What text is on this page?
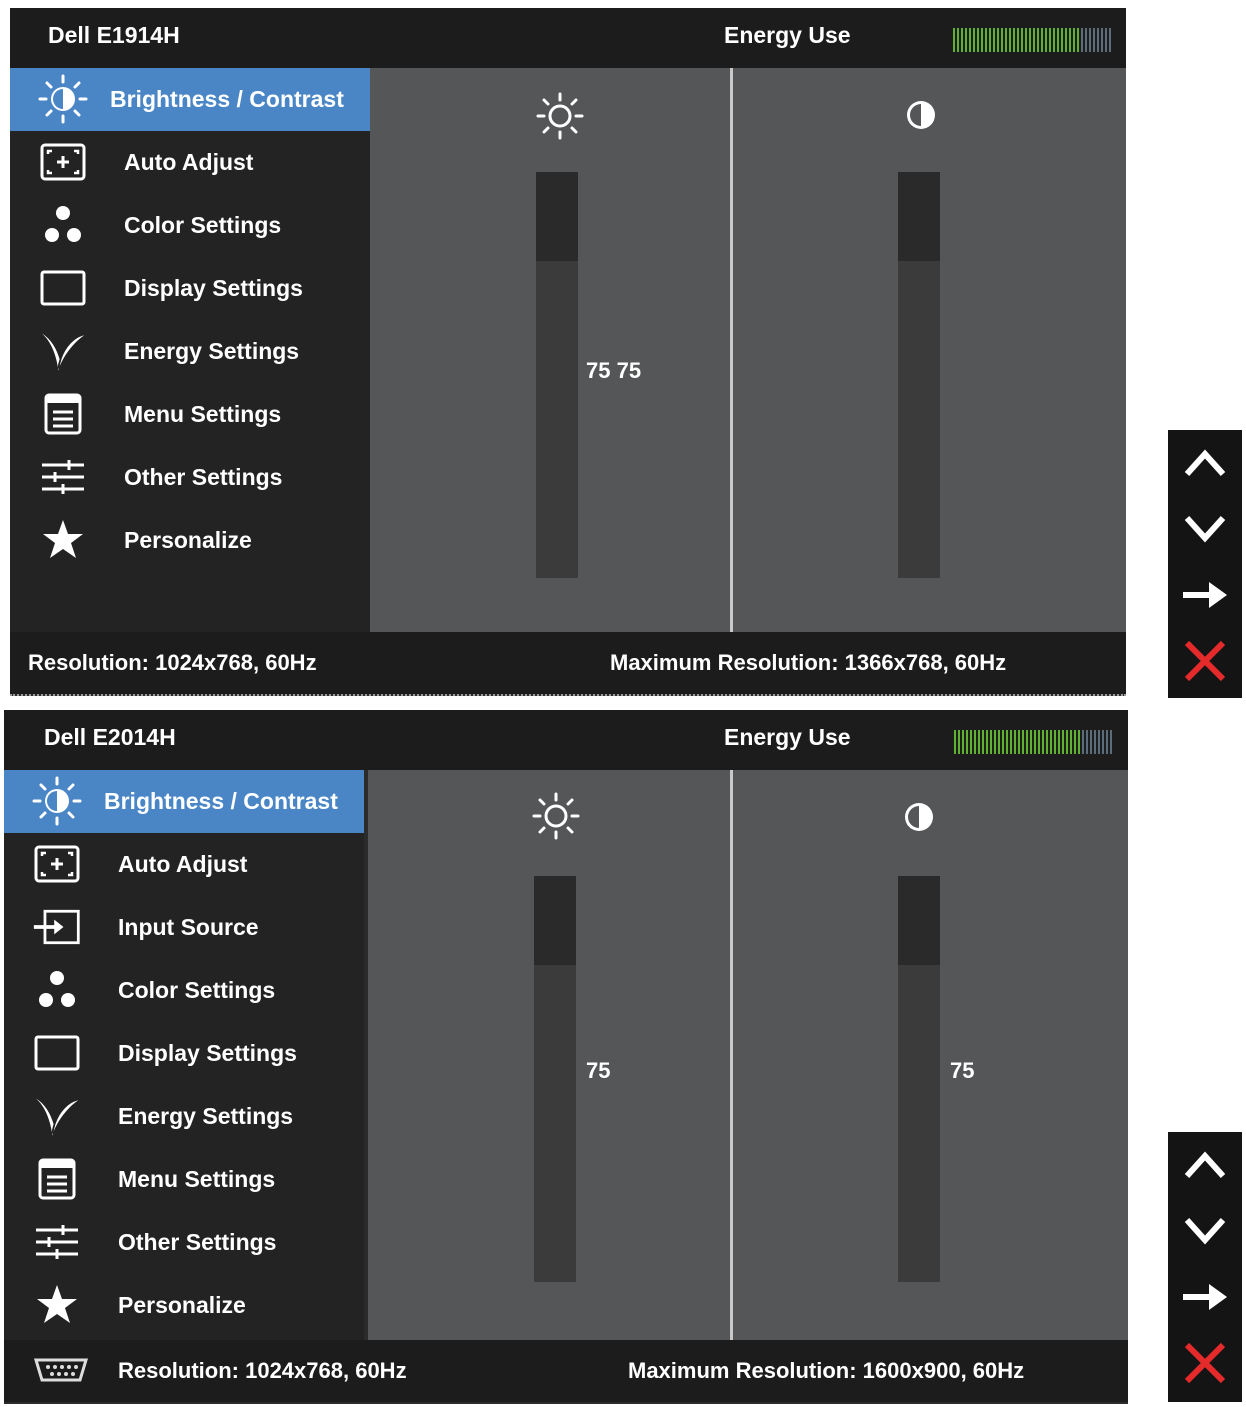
Dell E1914H	Energy Use
Brightness / Contrast
Auto Adjust
Color Settings
Display Settings
Energy Settings
Menu Settings
Other Settings
Personalize
75 75
Resolution: 1024x768, 60Hz	Maximum Resolution: 1366x768, 60Hz
Dell E2014H	Energy Use
Brightness / Contrast
Auto Adjust
Input Source
Color Settings
Display Settings
Energy Settings
Menu Settings
Other Settings
Personalize
75	75
Resolution: 1024x768, 60Hz	Maximum Resolution: 1600x900, 60Hz
